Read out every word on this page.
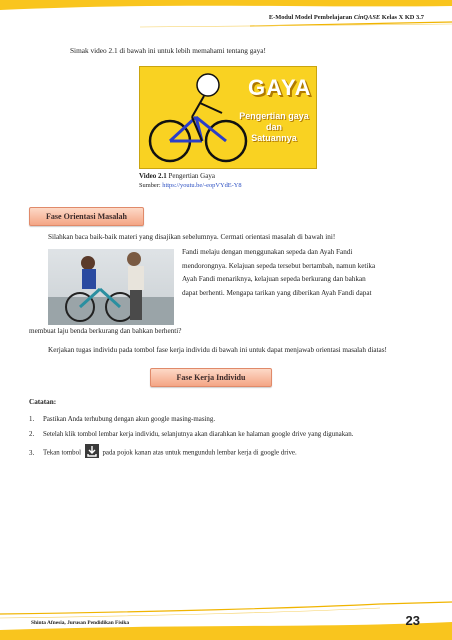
E-Modul Model Pembelajaran CinQASE Kelas X KD 3.7
Simak video 2.1 di bawah ini untuk lebih memahami tentang gaya!
GAYA
Pengertian gaya
dan
Satuannya
Video 2.1 Pengertian Gaya
Sumber: https://youtu.be/-eopVYdE-Y8
Fase Orientasi Masalah
Silahkan baca baik-baik materi yang disajikan sebelumnya. Cermati orientasi masalah di bawah ini!
Fandi melaju dengan menggunakan sepeda dan Ayah Fandi
mendorongnya. Kelajuan sepeda tersebut bertambah, namun ketika
Ayah Fandi menariknya, kelajuan sepeda berkurang dan bahkan
dapat berhenti. Mengapa tarikan yang diberikan Ayah Fandi dapat
membuat laju benda berkurang dan bahkan berhenti?
Kerjakan tugas individu pada tombol fase kerja individu di bawah ini untuk dapat menjawab orientasi masalah diatas!
Fase Kerja Individu
Catatan:
1. Pastikan Anda terhubung dengan akun google masing-masing.
2. Setelah klik tombol lembar kerja individu, selanjutnya akan diarahkan ke halaman google drive yang digunakan.
3. Tekan tombol	pada pojok kanan atas untuk mengunduh lembar kerja di google drive.
Shinta Afnesia, Jurusan Pendidikan Fisika	23
